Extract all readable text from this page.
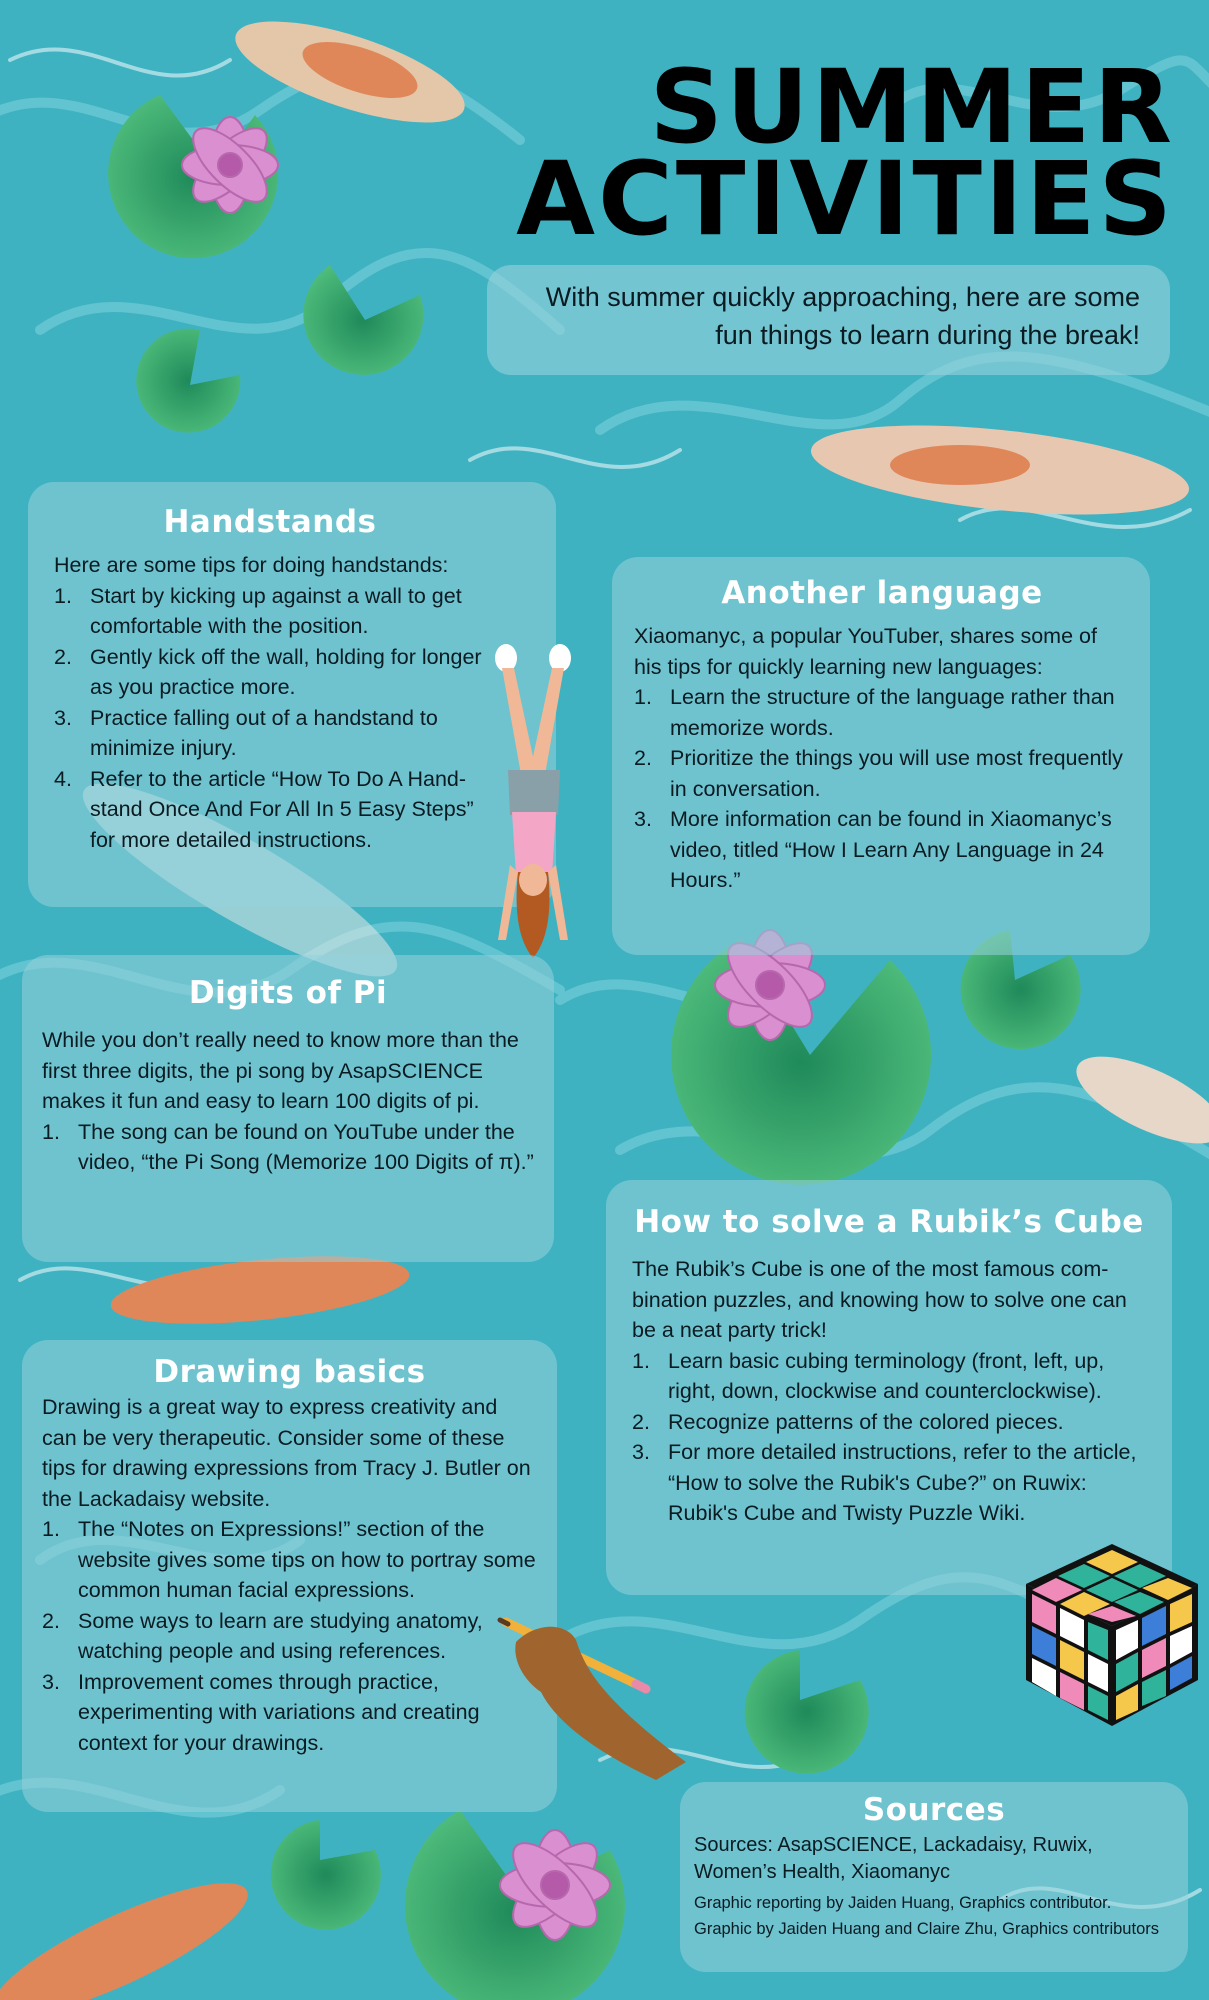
SUMMER
ACTIVITIES
With summer quickly approaching, here are some fun things to learn during the break!
Handstands

Here are some tips for doing handstands:

1. Start by kicking up against a wall to get comfortable with the position.
2. Gently kick off the wall, holding for longer as you practice more.
3. Practice falling out of a handstand to minimize injury.
4. Refer to the article “How To Do A Hand-stand Once And For All In 5 Easy Steps” for more detailed instructions.
Another language

Xiaomanyc, a popular YouTuber, shares some of his tips for quickly learning new languages:

1. Learn the structure of the language rather than memorize words.
2. Prioritize the things you will use most frequently in conversation.
3. More information can be found in Xiaomanyc’s video, titled “How I Learn Any Language in 24 Hours.”
Digits of Pi

While you don’t really need to know more than the first three digits, the pi song by AsapSCIENCE makes it fun and easy to learn 100 digits of pi.

1. The song can be found on YouTube under the video, “the Pi Song (Memorize 100 Digits of π).”
How to solve a Rubik’s Cube

The Rubik’s Cube is one of the most famous com-bination puzzles, and knowing how to solve one can be a neat party trick!

1. Learn basic cubing terminology (front, left, up, right, down, clockwise and counterclockwise).
2. Recognize patterns of the colored pieces.
3. For more detailed instructions, refer to the article, “How to solve the Rubik's Cube?” on Ruwix: Rubik's Cube and Twisty Puzzle Wiki.
Drawing basics

Drawing is a great way to express creativity and can be very therapeutic. Consider some of these tips for drawing expressions from Tracy J. Butler on the Lackadaisy website.

1. The “Notes on Expressions!” section of the website gives some tips on how to portray some common human facial expressions.
2. Some ways to learn are studying anatomy, watching people and using references.
3. Improvement comes through practice, experimenting with variations and creating context for your drawings.
Sources

Sources: AsapSCIENCE, Lackadaisy, Ruwix, Women’s Health, Xiaomanyc

Graphic reporting by Jaiden Huang, Graphics contributor.

Graphic by Jaiden Huang and Claire Zhu, Graphics contributors
